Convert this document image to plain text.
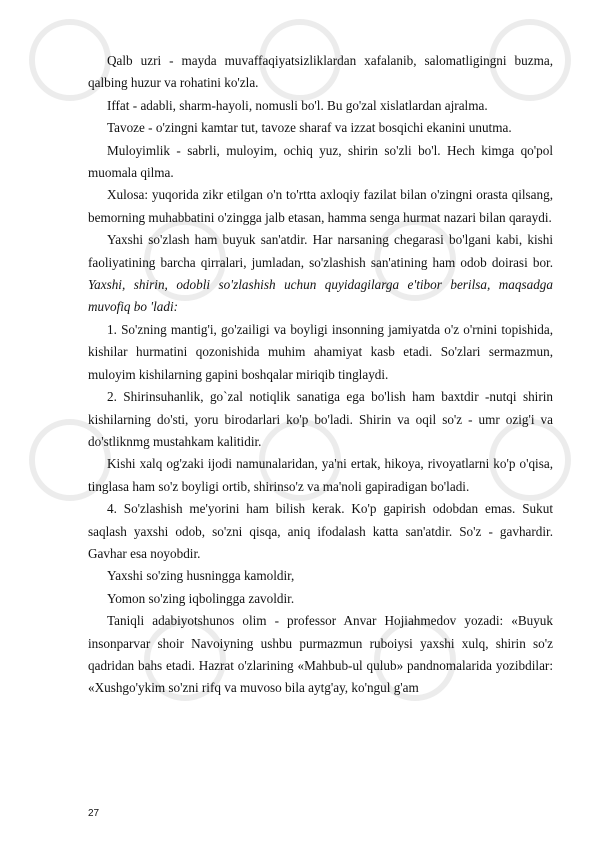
Qalb uzri - mayda muvaffaqiyatsizliklardan xafalanib, salomatligingni buzma, qalbing huzur va rohatini ko'zla.

Iffat - adabli, sharm-hayoli, nomusli bo'l. Bu go'zal xislatlardan ajralma.

Tavoze - o'zingni kamtar tut, tavoze sharaf va izzat bosqichi ekanini unutma.

Muloyimlik - sabrli, muloyim, ochiq yuz, shirin so'zli bo'l. Hech kimga qo'pol muomala qilma.

Xulosa: yuqorida zikr etilgan o'n to'rtta axloqiy fazilat bilan o'zingni orasta qilsang, bemorning muhabbatini o'zingga jalb etasan, hamma senga hurmat nazari bilan qaraydi.

Yaxshi so'zlash ham buyuk san'atdir. Har narsaning chegarasi bo'lgani kabi, kishi faoliyatining barcha qirralari, jumladan, so'zlashish san'atining ham odob doirasi bor. Yaxshi, shirin, odobli so'zlashish uchun quyidagilarga e'tibor berilsa, maqsadga muvofiq bo 'ladi:

1. So'zning mantig'i, go'zailigi va boyligi insonning jamiyatda o'z o'rnini topishida, kishilar hurmatini qozonishida muhim ahamiyat kasb etadi. So'zlari sermazmun, muloyim kishilarning gapini boshqalar miriqib tinglaydi.

2. Shirinsuhanlik, go`zal notiqlik sanatiga ega bo'lish ham baxtdir -nutqi shirin kishilarning do'sti, yoru birodarlari ko'p bo'ladi. Shirin va oqil so'z - umr ozig'i va do'stliknmg mustahkam kalitidir.

Kishi xalq og'zaki ijodi namunalaridan, ya'ni ertak, hikoya, rivoyatlarni ko'p o'qisa, tinglasa ham so'z boyligi ortib, shirinso'z va ma'noli gapiradigan bo'ladi.

4. So'zlashish me'yorini ham bilish kerak. Ko'p gapirish odobdan emas. Sukut saqlash yaxshi odob, so'zni qisqa, aniq ifodalash katta san'atdir. So'z - gavhardir. Gavhar esa noyobdir.

Yaxshi so'zing husningga kamoldir,

Yomon so'zing iqbolingga zavoldir.

Taniqli adabiyotshunos olim - professor Anvar Hojiahmedov yozadi: «Buyuk insonparvar shoir Navoiyning ushbu purmazmun ruboiysi yaxshi xulq, shirin so'z qadridan bahs etadi. Hazrat o'zlarining «Mahbub-ul qulub» pandnomalarida yozibdilar: «Xushgo'ykim so'zni rifq va muvoso bila aytg'ay, ko'ngul g'am

27
